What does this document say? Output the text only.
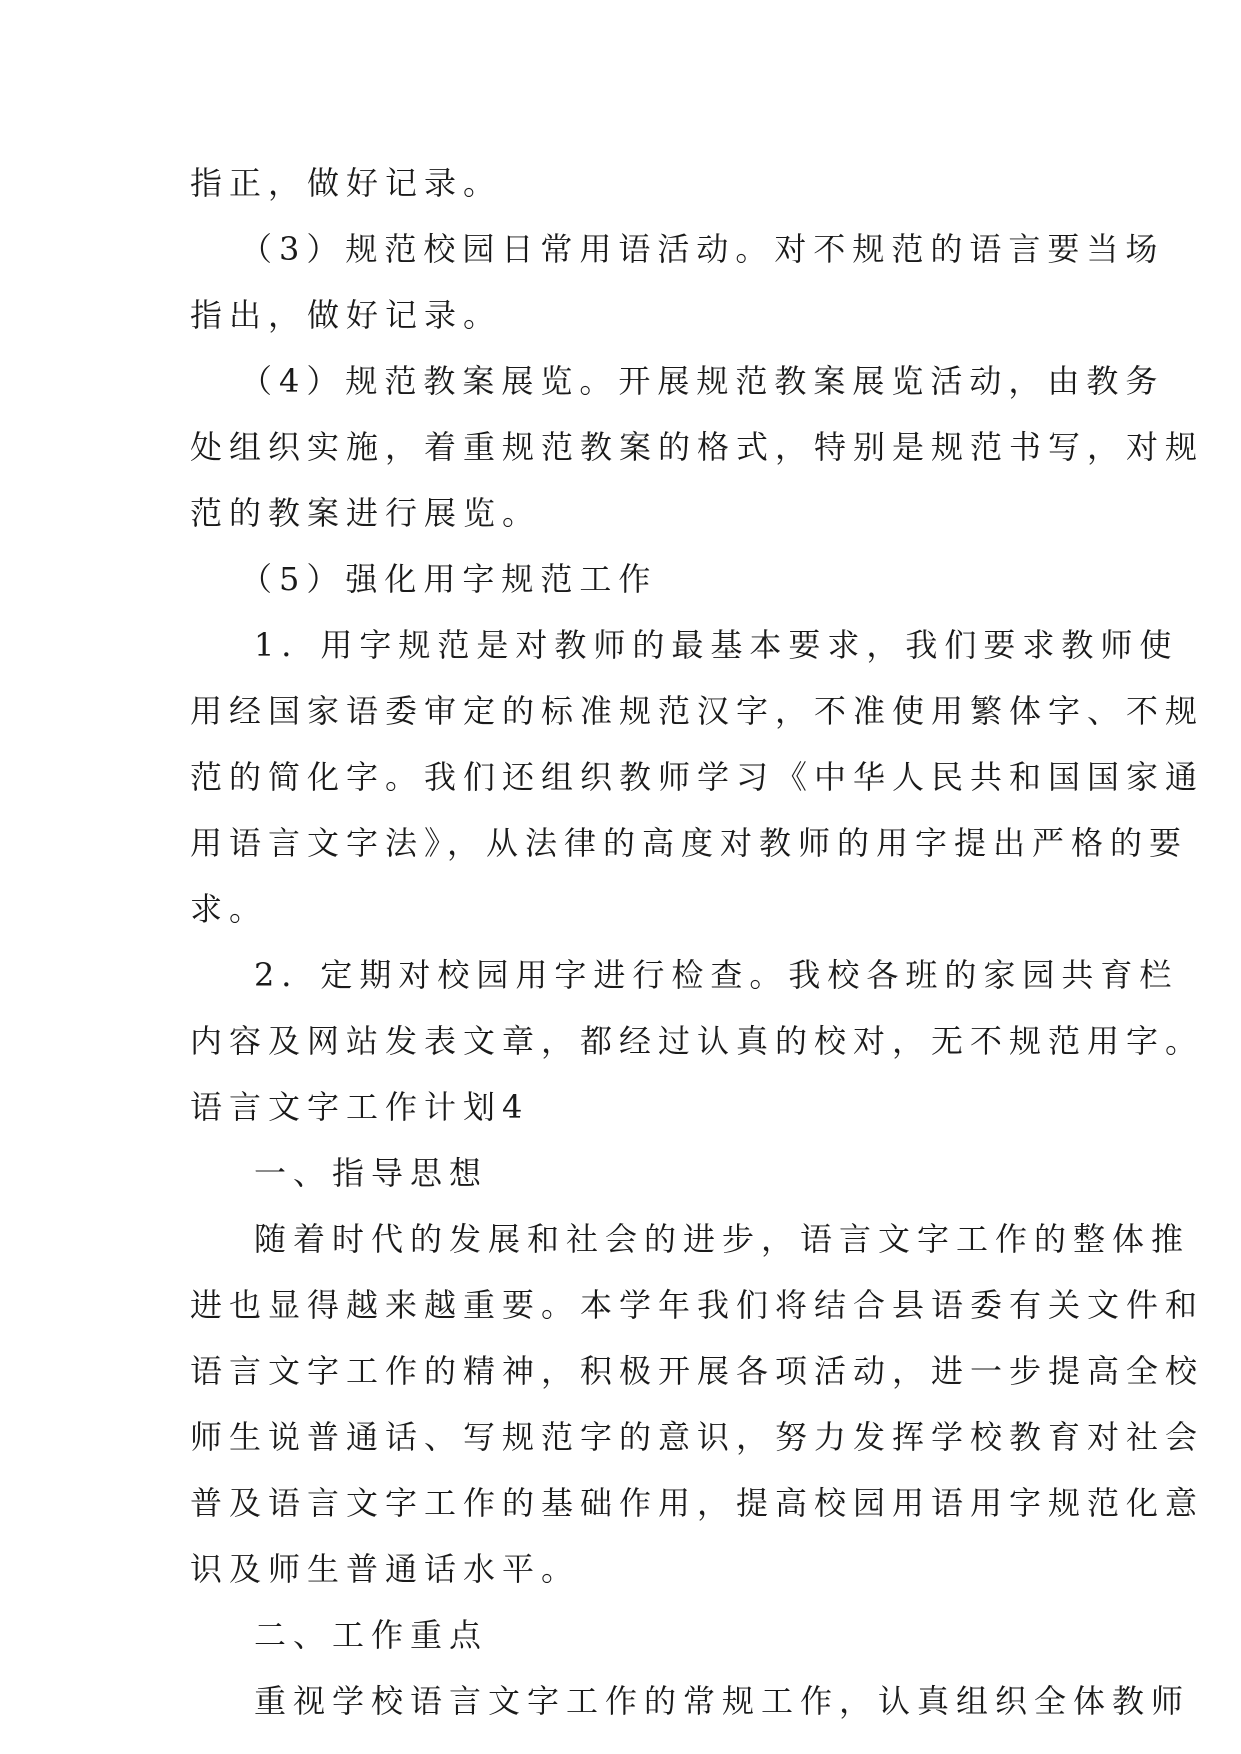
指正，做好记录。
（3）规范校园日常用语活动。对不规范的语言要当场
指出，做好记录。
（4）规范教案展览。开展规范教案展览活动，由教务
处组织实施，着重规范教案的格式，特别是规范书写，对规
范的教案进行展览。
（5）强化用字规范工作
1．用字规范是对教师的最基本要求，我们要求教师使
用经国家语委审定的标准规范汉字，不准使用繁体字、不规
范的简化字。我们还组织教师学习《中华人民共和国国家通
用语言文字法》，从法律的高度对教师的用字提出严格的要
求。
2．定期对校园用字进行检查。我校各班的家园共育栏
内容及网站发表文章，都经过认真的校对，无不规范用字。
语言文字工作计划4
一、指导思想
随着时代的发展和社会的进步，语言文字工作的整体推
进也显得越来越重要。本学年我们将结合县语委有关文件和
语言文字工作的精神，积极开展各项活动，进一步提高全校
师生说普通话、写规范字的意识，努力发挥学校教育对社会
普及语言文字工作的基础作用，提高校园用语用字规范化意
识及师生普通话水平。
二、工作重点
重视学校语言文字工作的常规工作，认真组织全体教师
